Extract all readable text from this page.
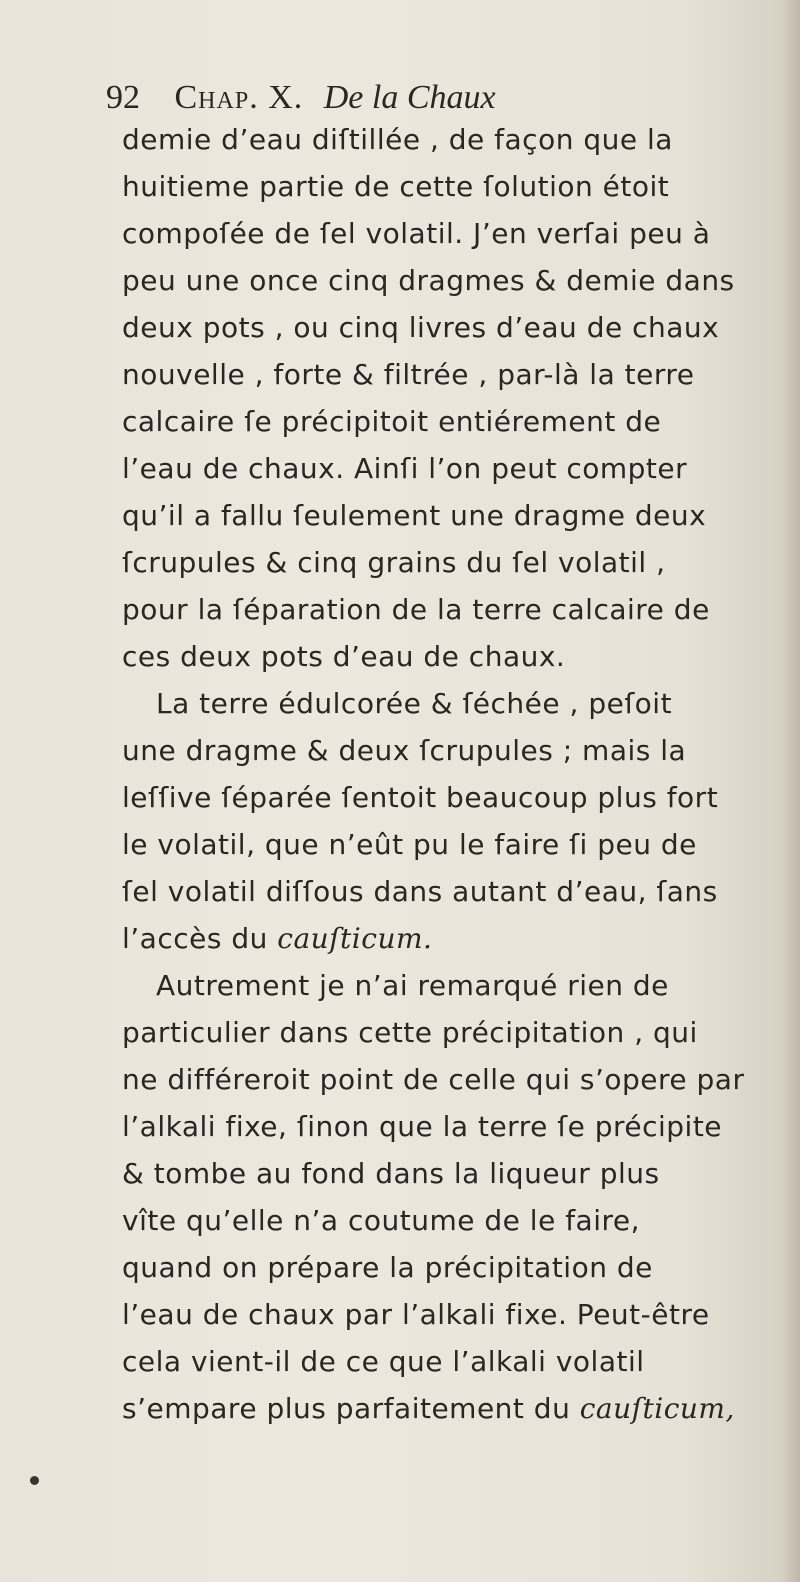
92 Chap. X. De la Chaux
demie d’eau diſtillée , de façon que la
huitieme partie de cette ſolution étoit
compoſée de ſel volatil. J’en verſai peu à
peu une once cinq dragmes & demie dans
deux pots , ou cinq livres d’eau de chaux
nouvelle , forte & filtrée , par-là la terre
calcaire ſe précipitoit entiérement de
l’eau de chaux. Ainſi l’on peut compter
qu’il a fallu ſeulement une dragme deux
ſcrupules & cinq grains du ſel volatil ,
pour la ſéparation de la terre calcaire de
ces deux pots d’eau de chaux.
La terre édulcorée & ſéchée , peſoit
une dragme & deux ſcrupules ; mais la
leſſive ſéparée ſentoit beaucoup plus fort
le volatil, que n’eût pu le faire ſi peu de
ſel volatil diſſous dans autant d’eau, ſans
l’accès du cauſticum.
Autrement je n’ai remarqué rien de
particulier dans cette précipitation , qui
ne différeroit point de celle qui s’opere par
l’alkali fixe, ſinon que la terre ſe précipite
& tombe au fond dans la liqueur plus
vîte qu’elle n’a coutume de le faire,
quand on prépare la précipitation de
l’eau de chaux par l’alkali fixe. Peut-être
cela vient-il de ce que l’alkali volatil
s’empare plus parfaitement du cauſticum,
